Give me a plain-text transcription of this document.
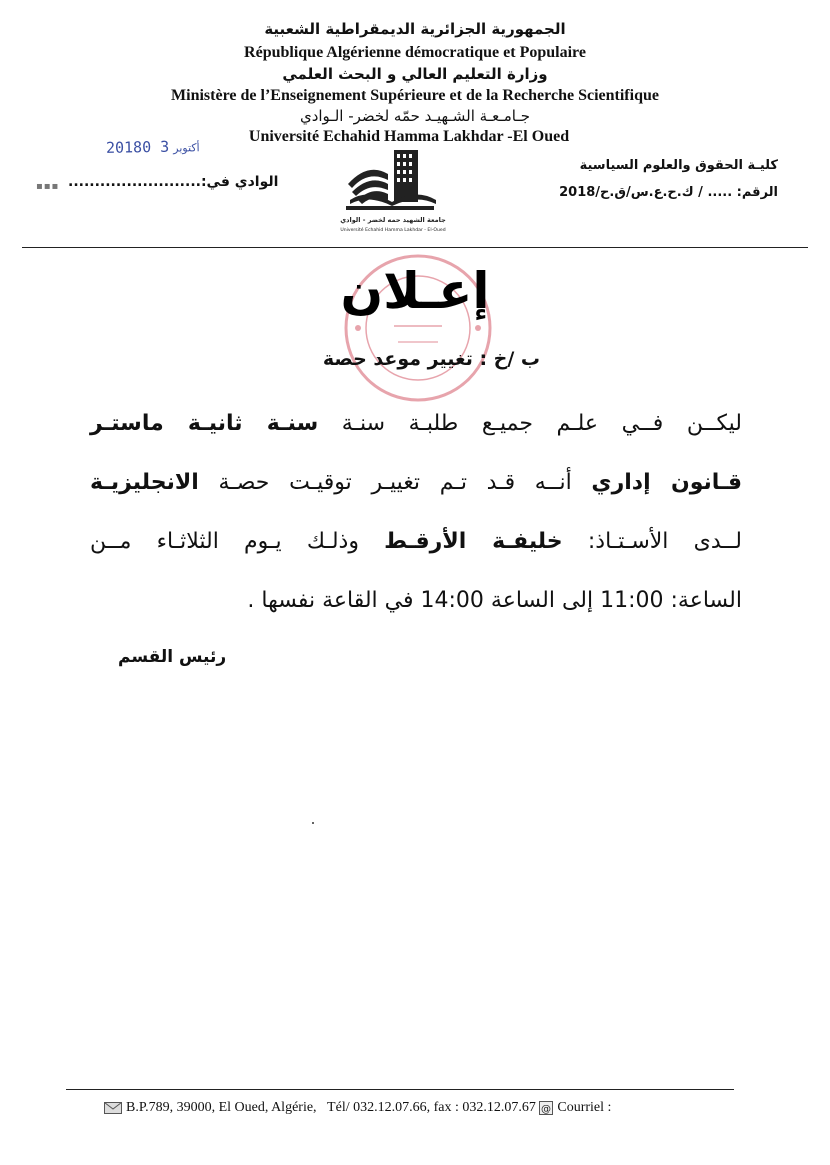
الجمهورية الجزائرية الديمقراطية الشعبية
République Algérienne démocratique et Populaire
وزارة التعليم العالي و البحث العلمي
Ministère de l’Enseignement Supérieure et de la Recherche Scientifique
جـامـعـة الشـهيـد حمّه لخضر- الـوادي
Université Echahid Hamma Lakhdar -El Oued
2018	أكتوبر3 0
▪▪▪ الوادي في:.........................
كليـة الحقوق والعلوم السياسية
الرقم: ..... / ك.ح.ع.س/ق.ح/2018
جامعة الشهيد حمه لخضر - الوادي
Université Echahid Hamma Lakhdar - El-Oued
إعـلان
ب /خ : تغيير موعد حصة
ليكــن فــي علـم جميـع طلبـة سنـة سنـة ثانيـة ماستـر
قـانون إداري أنــه قـد تـم تغييـر توقيـت حصـة الانجليزيـة
لــدى الأسـتـاذ: خليفـة الأرقـط وذلـك يـوم الثلاثـاء مــن
الساعة: 11:00 إلى الساعة 14:00 في القاعة نفسها .
رئيس القسم
B.P.789, 39000, El Oued, Algérie, Tél/ 032.12.07.66, fax : 032.12.07.67 @ Courriel :
